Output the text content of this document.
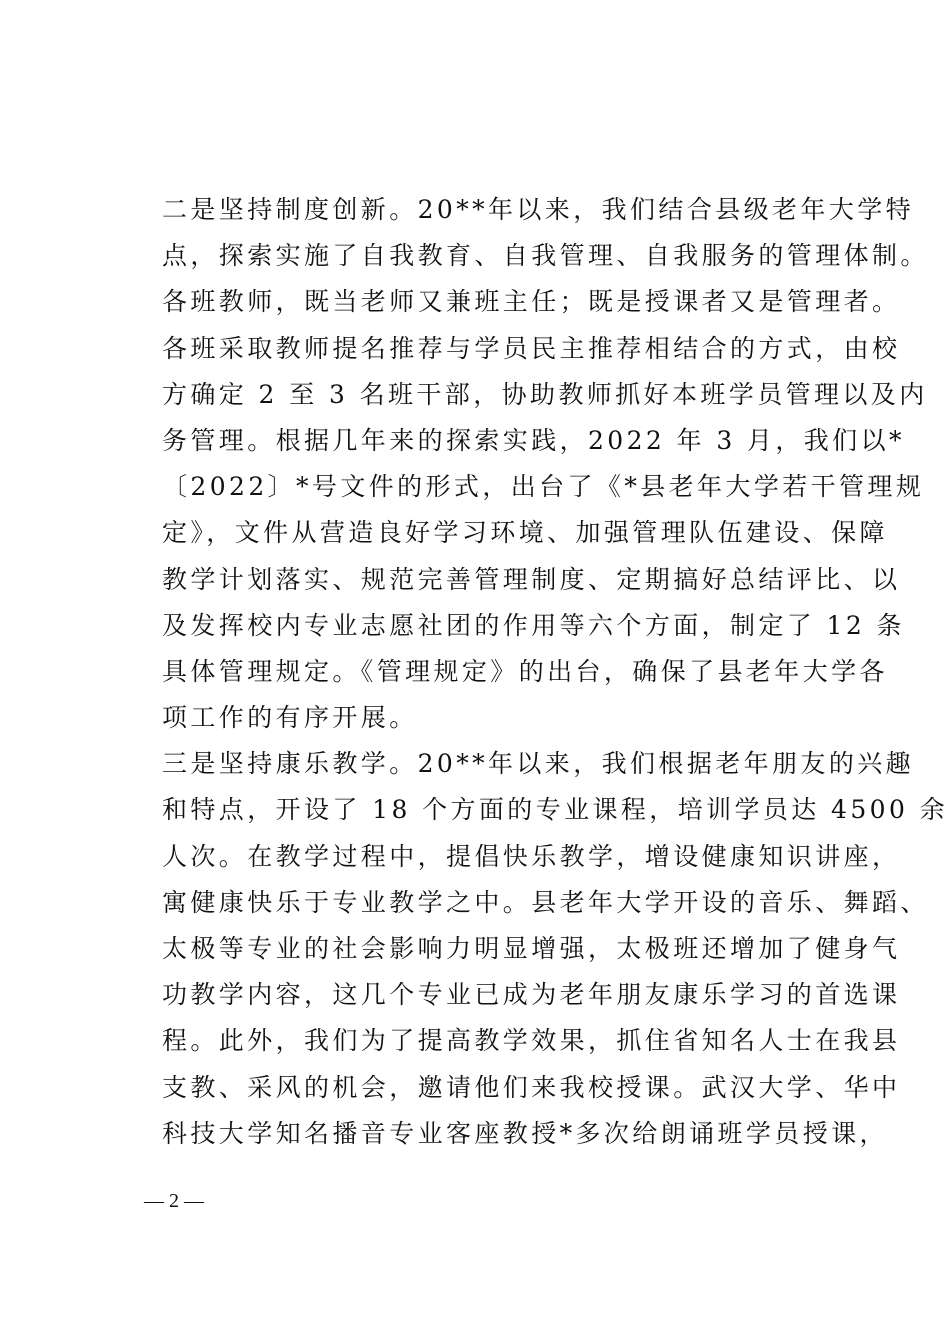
二是坚持制度创新。20**年以来，我们结合县级老年大学特
点，探索实施了自我教育、自我管理、自我服务的管理体制。
各班教师，既当老师又兼班主任；既是授课者又是管理者。
各班采取教师提名推荐与学员民主推荐相结合的方式，由校
方确定 2 至 3 名班干部，协助教师抓好本班学员管理以及内
务管理。根据几年来的探索实践，2022 年 3 月，我们以*
〔2022〕*号文件的形式，出台了《*县老年大学若干管理规
定》，文件从营造良好学习环境、加强管理队伍建设、保障
教学计划落实、规范完善管理制度、定期搞好总结评比、以
及发挥校内专业志愿社团的作用等六个方面，制定了 12 条
具体管理规定。《管理规定》的出台，确保了县老年大学各
项工作的有序开展。
三是坚持康乐教学。20**年以来，我们根据老年朋友的兴趣
和特点，开设了 18 个方面的专业课程，培训学员达 4500 余
人次。在教学过程中，提倡快乐教学，增设健康知识讲座，
寓健康快乐于专业教学之中。县老年大学开设的音乐、舞蹈、
太极等专业的社会影响力明显增强，太极班还增加了健身气
功教学内容，这几个专业已成为老年朋友康乐学习的首选课
程。此外，我们为了提高教学效果，抓住省知名人士在我县
支教、采风的机会，邀请他们来我校授课。武汉大学、华中
科技大学知名播音专业客座教授*多次给朗诵班学员授课，
— 2 —
